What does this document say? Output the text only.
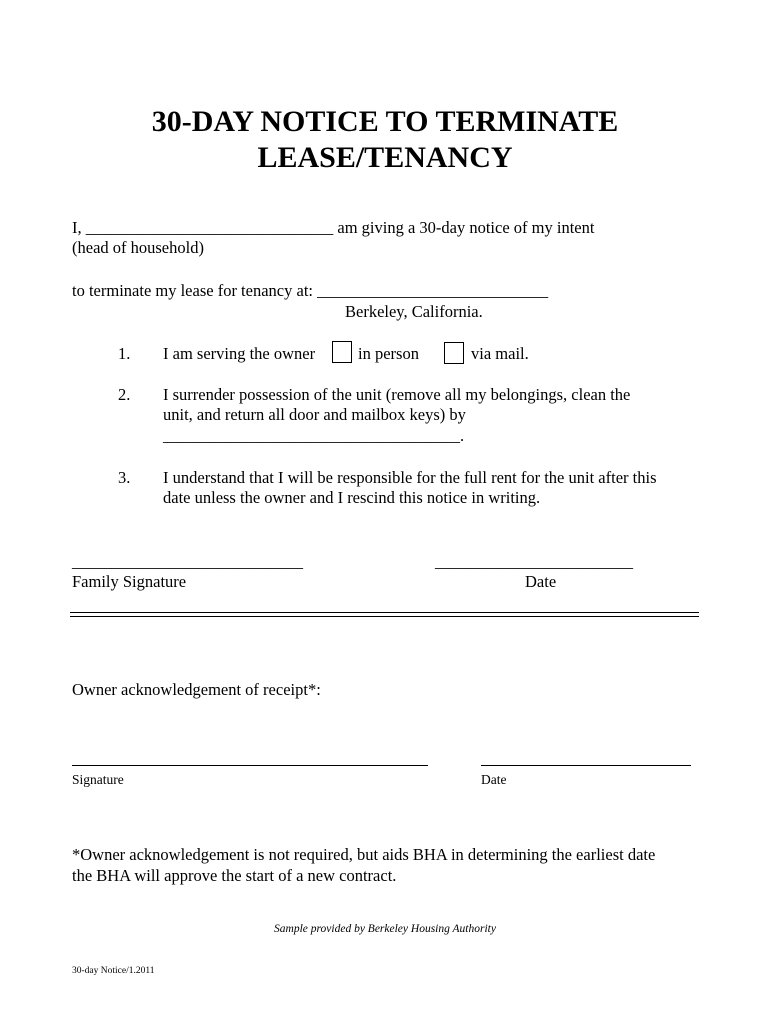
30-DAY NOTICE TO TERMINATE
LEASE/TENANCY
I, ______________________________ am giving a 30-day notice of my intent
(head of household)
to terminate my lease for tenancy at: ____________________________
Berkeley, California.
1. I am serving the owner	in person	via mail.
2. I surrender possession of the unit (remove all my belongings, clean the
unit, and return all door and mailbox keys) by
____________________________________.
3. I understand that I will be responsible for the full rent for the unit after this
date unless the owner and I rescind this notice in writing.
____________________________	________________________
Family Signature	Date
Owner acknowledgement of receipt*:
Signature	Date
*Owner acknowledgement is not required, but aids BHA in determining the earliest date
the BHA will approve the start of a new contract.
Sample provided by Berkeley Housing Authority
30-day Notice/1.2011
